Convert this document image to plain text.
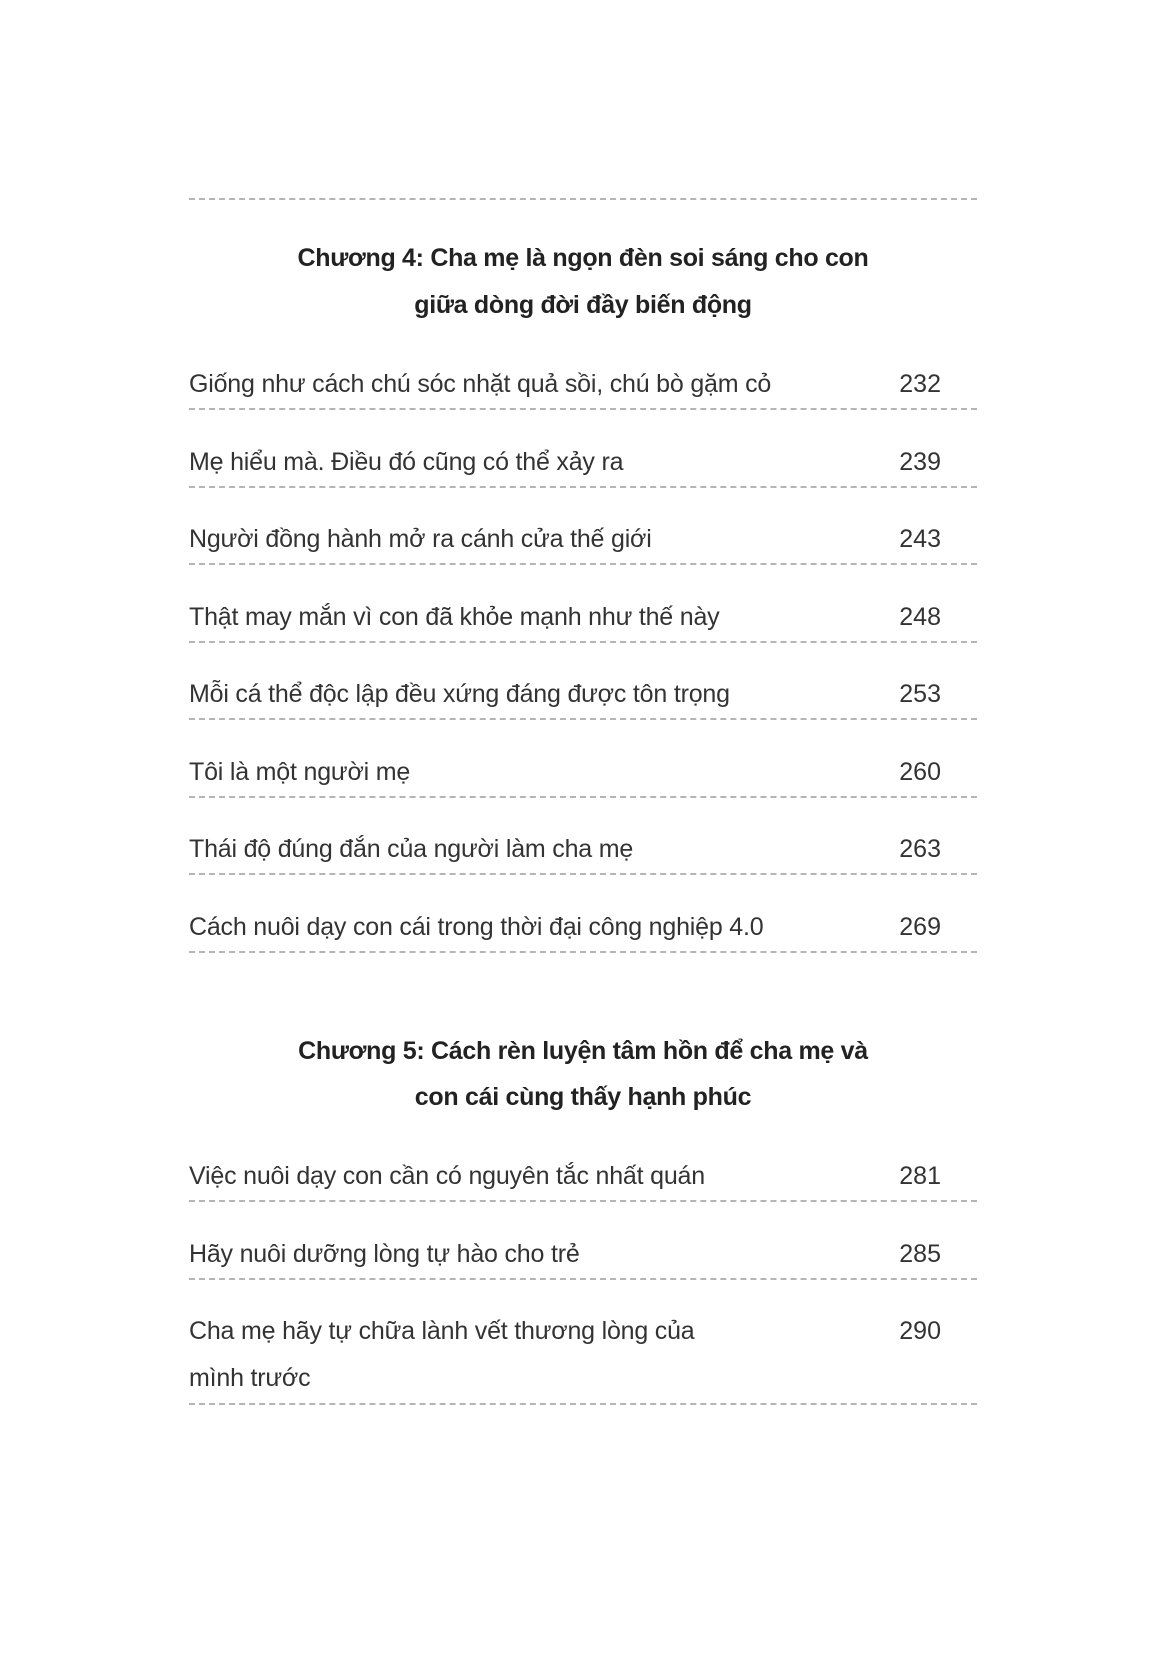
Chương 4: Cha mẹ là ngọn đèn soi sáng cho con
giữa dòng đời đầy biến động
Giống như cách chú sóc nhặt quả sồi, chú bò gặm cỏ	232
Mẹ hiểu mà. Điều đó cũng có thể xảy ra	239
Người đồng hành mở ra cánh cửa thế giới	243
Thật may mắn vì con đã khỏe mạnh như thế này	248
Mỗi cá thể độc lập đều xứng đáng được tôn trọng	253
Tôi là một người mẹ	260
Thái độ đúng đắn của người làm cha mẹ	263
Cách nuôi dạy con cái trong thời đại công nghiệp 4.0	269
Chương 5: Cách rèn luyện tâm hồn để cha mẹ và
con cái cùng thấy hạnh phúc
Việc nuôi dạy con cần có nguyên tắc nhất quán	281
Hãy nuôi dưỡng lòng tự hào cho trẻ	285
Cha mẹ hãy tự chữa lành vết thương lòng của	290
mình trước
